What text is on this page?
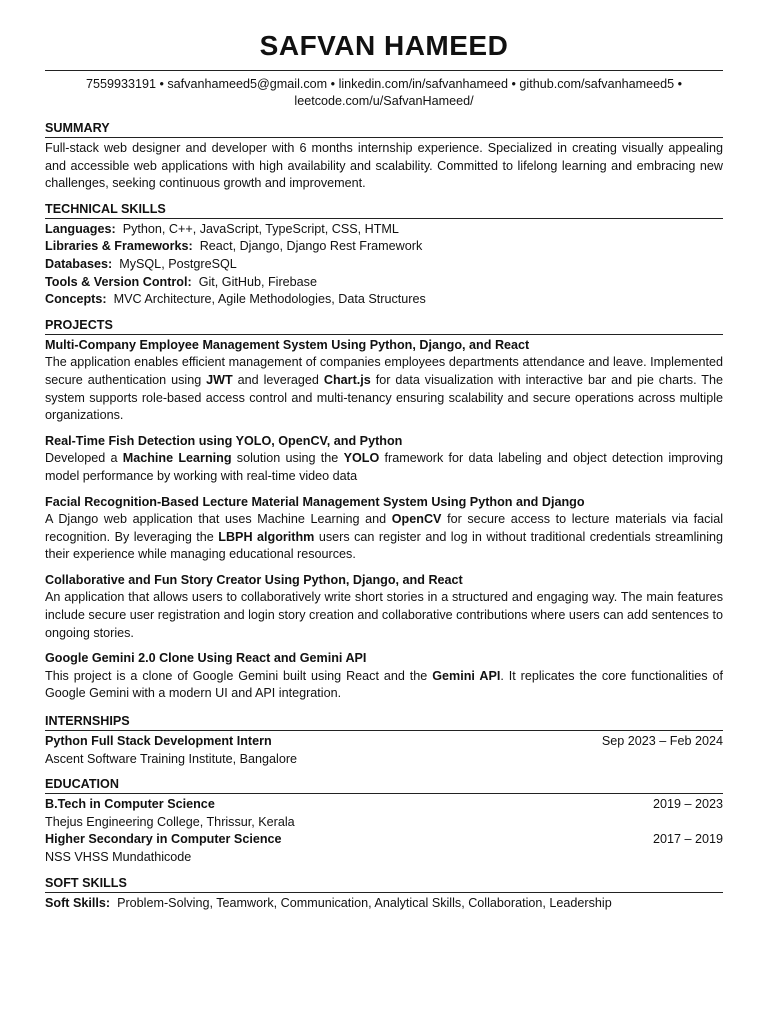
SAFVAN HAMEED
7559933191 • safvanhameed5@gmail.com • linkedin.com/in/safvanhameed • github.com/safvanhameed5 •
leetcode.com/u/SafvanHameed/
SUMMARY
Full-stack web designer and developer with 6 months internship experience. Specialized in creating visually appealing and accessible web applications with high availability and scalability. Committed to lifelong learning and embracing new challenges, seeking continuous growth and improvement.
TECHNICAL SKILLS
Languages: Python, C++, JavaScript, TypeScript, CSS, HTML
Libraries & Frameworks: React, Django, Django Rest Framework
Databases: MySQL, PostgreSQL
Tools & Version Control: Git, GitHub, Firebase
Concepts: MVC Architecture, Agile Methodologies, Data Structures
PROJECTS
Multi-Company Employee Management System Using Python, Django, and React
The application enables efficient management of companies employees departments attendance and leave. Implemented secure authentication using JWT and leveraged Chart.js for data visualization with interactive bar and pie charts. The system supports role-based access control and multi-tenancy ensuring scalability and secure operations across multiple organizations.
Real-Time Fish Detection using YOLO, OpenCV, and Python
Developed a Machine Learning solution using the YOLO framework for data labeling and object detection improving model performance by working with real-time video data
Facial Recognition-Based Lecture Material Management System Using Python and Django
A Django web application that uses Machine Learning and OpenCV for secure access to lecture materials via facial recognition. By leveraging the LBPH algorithm users can register and log in without traditional credentials streamlining their experience while managing educational resources.
Collaborative and Fun Story Creator Using Python, Django, and React
An application that allows users to collaboratively write short stories in a structured and engaging way. The main features include secure user registration and login story creation and collaborative contributions where users can add sentences to ongoing stories.
Google Gemini 2.0 Clone Using React and Gemini API
This project is a clone of Google Gemini built using React and the Gemini API. It replicates the core functionalities of Google Gemini with a modern UI and API integration.
INTERNSHIPS
Python Full Stack Development Intern	Sep 2023 – Feb 2024
Ascent Software Training Institute, Bangalore
EDUCATION
B.Tech in Computer Science	2019 – 2023
Thejus Engineering College, Thrissur, Kerala
Higher Secondary in Computer Science	2017 – 2019
NSS VHSS Mundathicode
SOFT SKILLS
Soft Skills: Problem-Solving, Teamwork, Communication, Analytical Skills, Collaboration, Leadership
